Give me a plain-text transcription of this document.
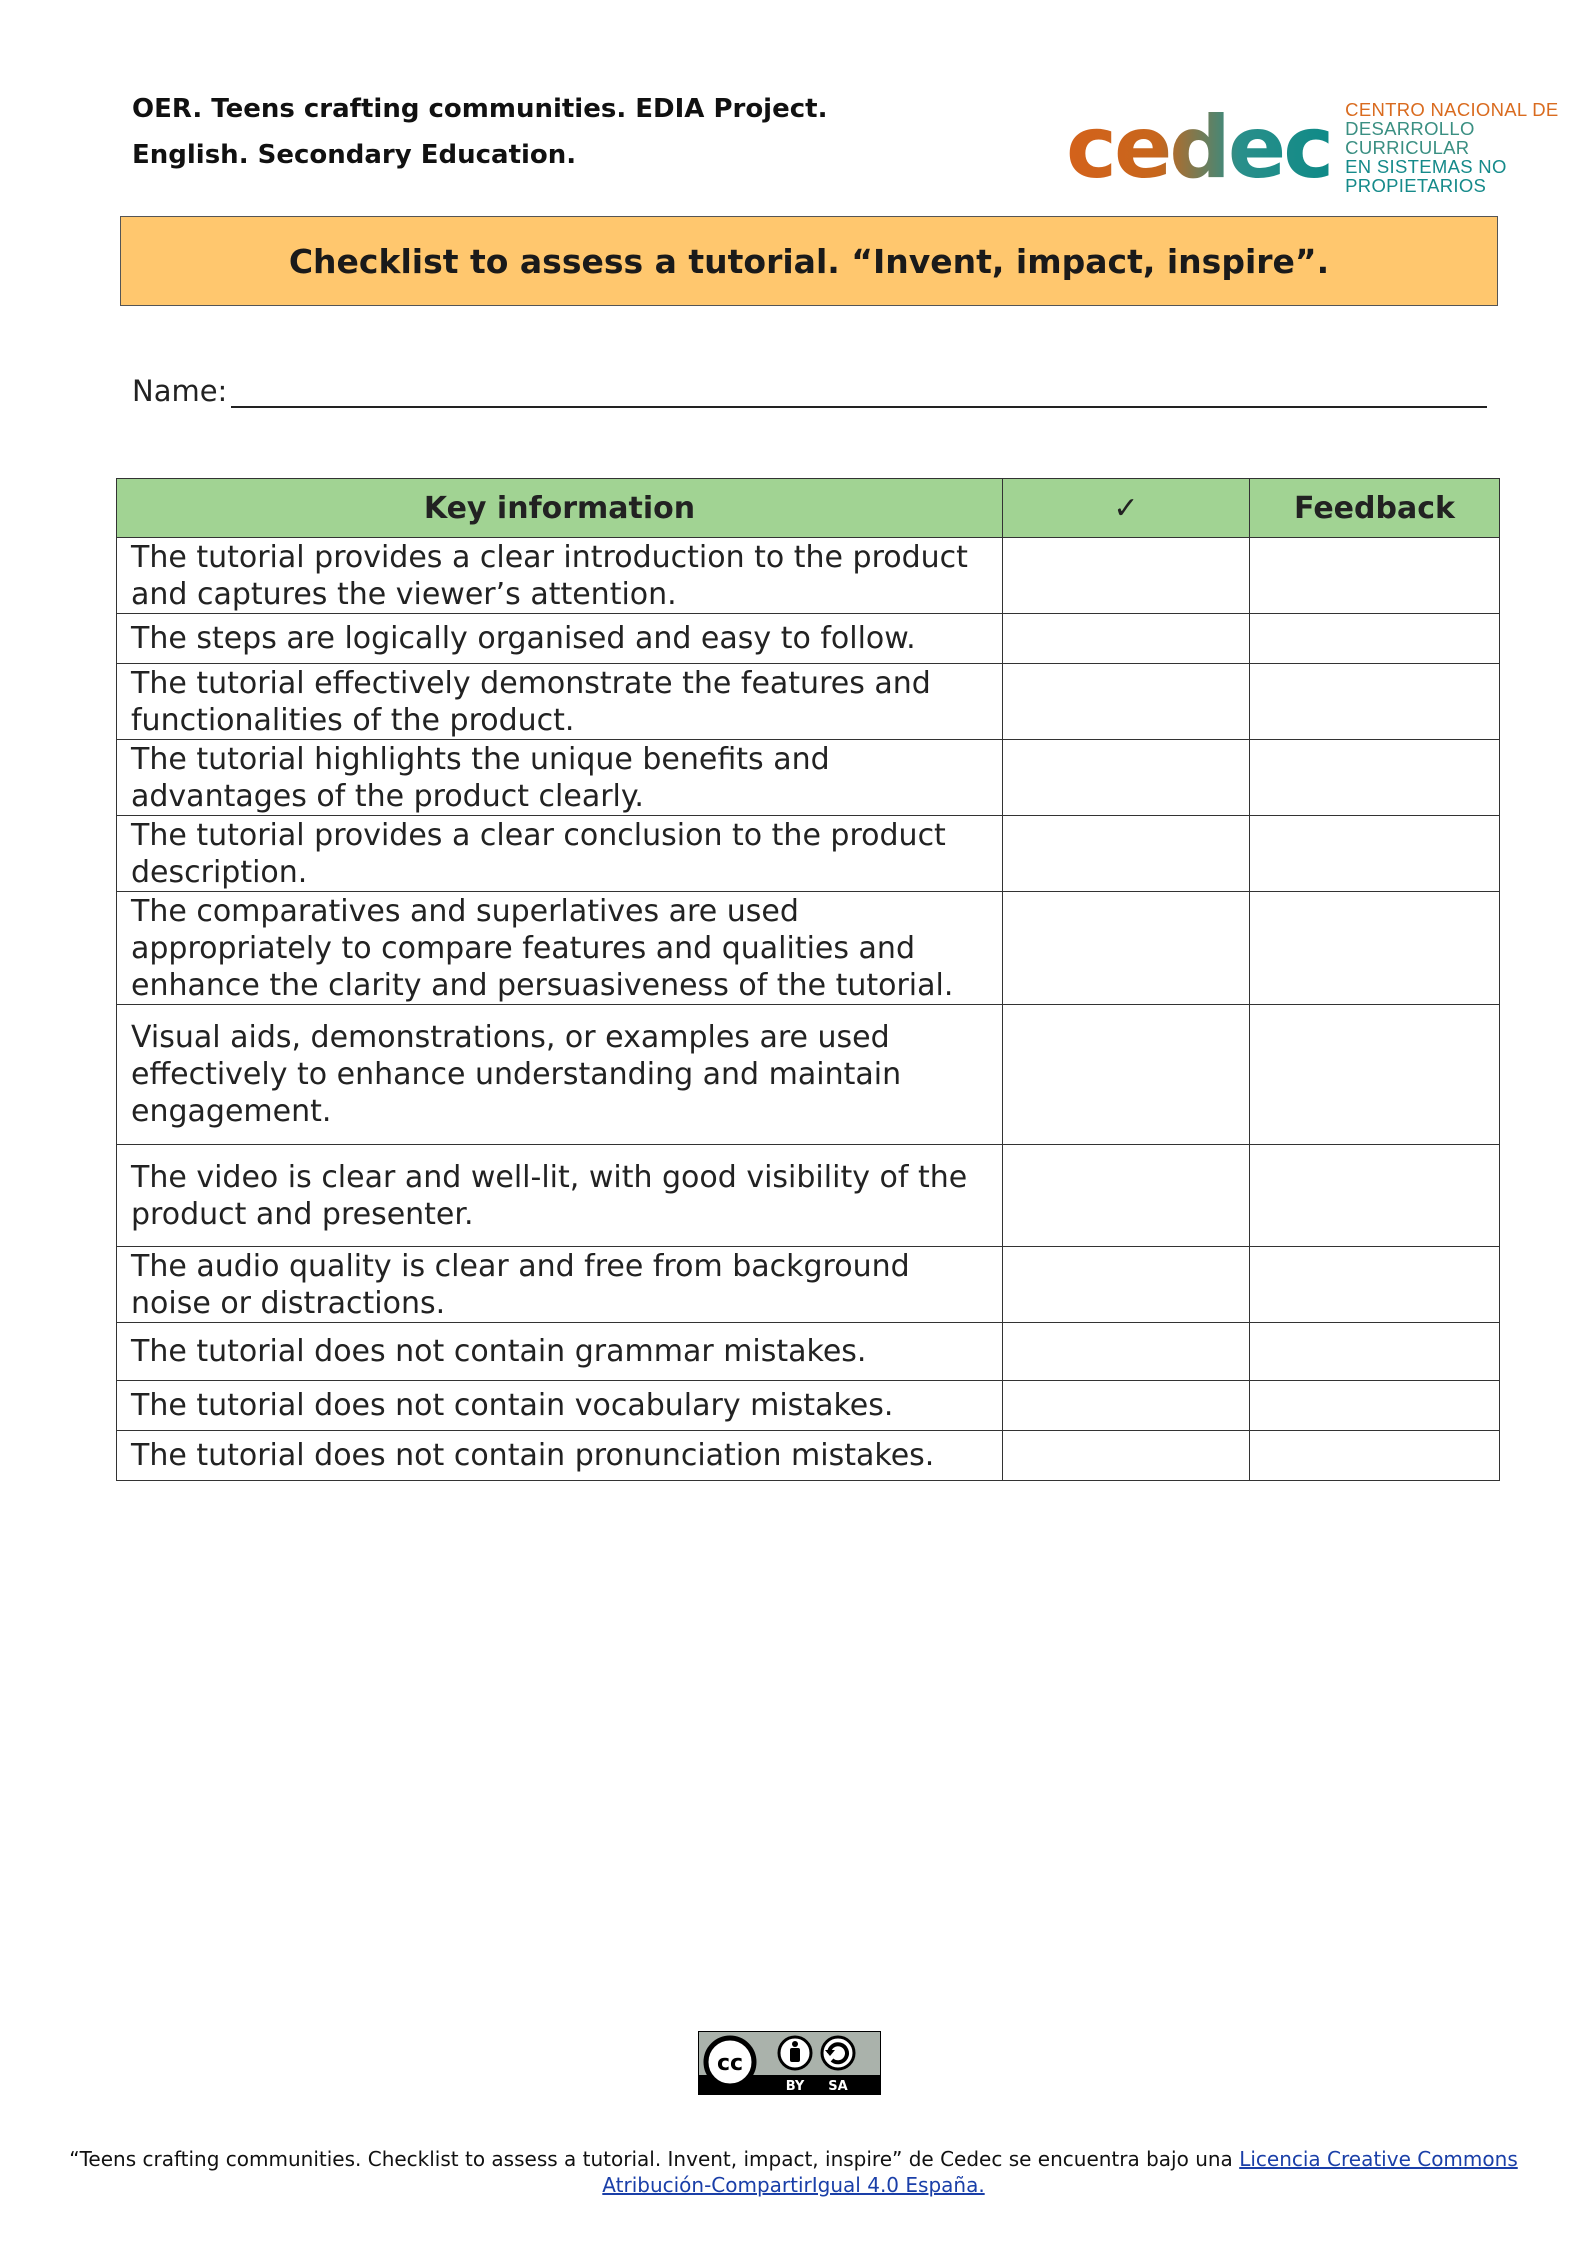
OER. Teens crafting communities. EDIA Project.
English. Secondary Education.	cedec CENTRO NACIONAL DE
DESARROLLO CURRICULAR
EN SISTEMAS NO PROPIETARIOS
Checklist to assess a tutorial. “Invent, impact, inspire”.
Name:
Key information	✓	Feedback
The tutorial provides a clear introduction to the product and captures the viewer’s attention.		
The steps are logically organised and easy to follow.		
The tutorial effectively demonstrate the features and functionalities of the product.		
The tutorial highlights the unique benefits and advantages of the product clearly.		
The tutorial provides a clear conclusion to the product description.		
The comparatives and superlatives are used appropriately to compare features and qualities and enhance the clarity and persuasiveness of the tutorial.		
Visual aids, demonstrations, or examples are used effectively to enhance understanding and maintain engagement.		
The video is clear and well-lit, with good visibility of the product and presenter.		
The audio quality is clear and free from background noise or distractions.		
The tutorial does not contain grammar mistakes.		
The tutorial does not contain vocabulary mistakes.		
The tutorial does not contain pronunciation mistakes.		
cc
BY SA
“Teens crafting communities. Checklist to assess a tutorial. Invent, impact, inspire” de Cedec se encuentra bajo una Licencia Creative Commons
Atribución-CompartirIgual 4.0 España.
